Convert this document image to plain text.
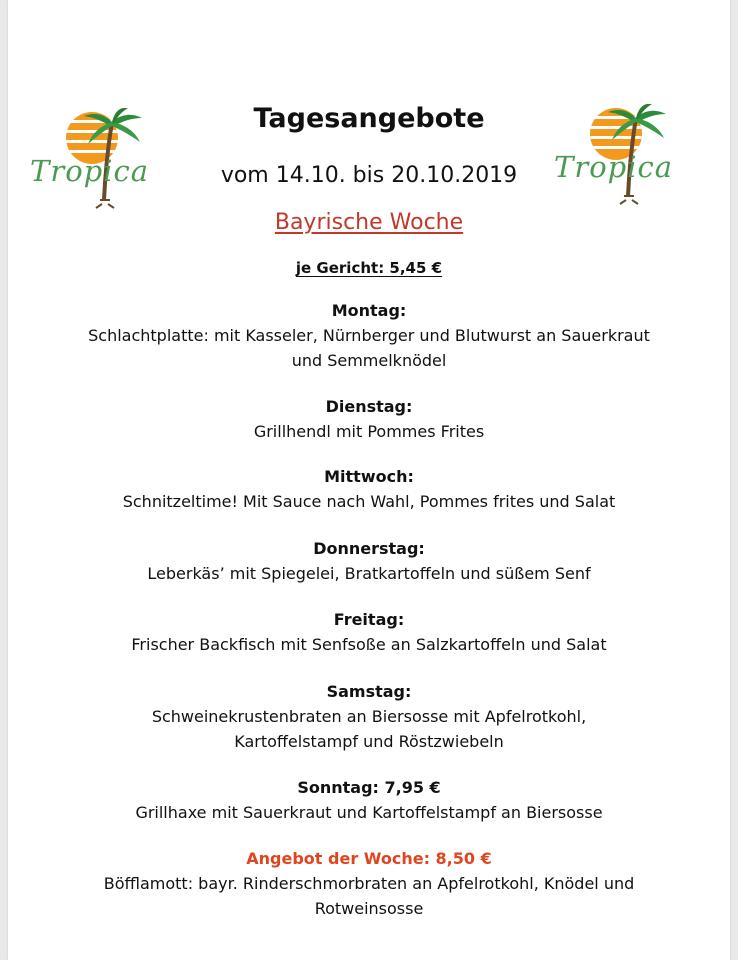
Tropica	Tropica
Tagesangebote
vom 14.10. bis 20.10.2019
Bayrische Woche
je Gericht: 5,45 €
Montag:
Schlachtplatte: mit Kasseler, Nürnberger und Blutwurst an Sauerkraut
und Semmelknödel
Dienstag:
Grillhendl mit Pommes Frites
Mittwoch:
Schnitzeltime! Mit Sauce nach Wahl, Pommes frites und Salat
Donnerstag:
Leberkäs’ mit Spiegelei, Bratkartoffeln und süßem Senf
Freitag:
Frischer Backfisch mit Senfsoße an Salzkartoffeln und Salat
Samstag:
Schweinekrustenbraten an Biersosse mit Apfelrotkohl,
Kartoffelstampf und Röstzwiebeln
Sonntag: 7,95 €
Grillhaxe mit Sauerkraut und Kartoffelstampf an Biersosse
Angebot der Woche: 8,50 €
Böfflamott: bayr. Rinderschmorbraten an Apfelrotkohl, Knödel und
Rotweinsosse
